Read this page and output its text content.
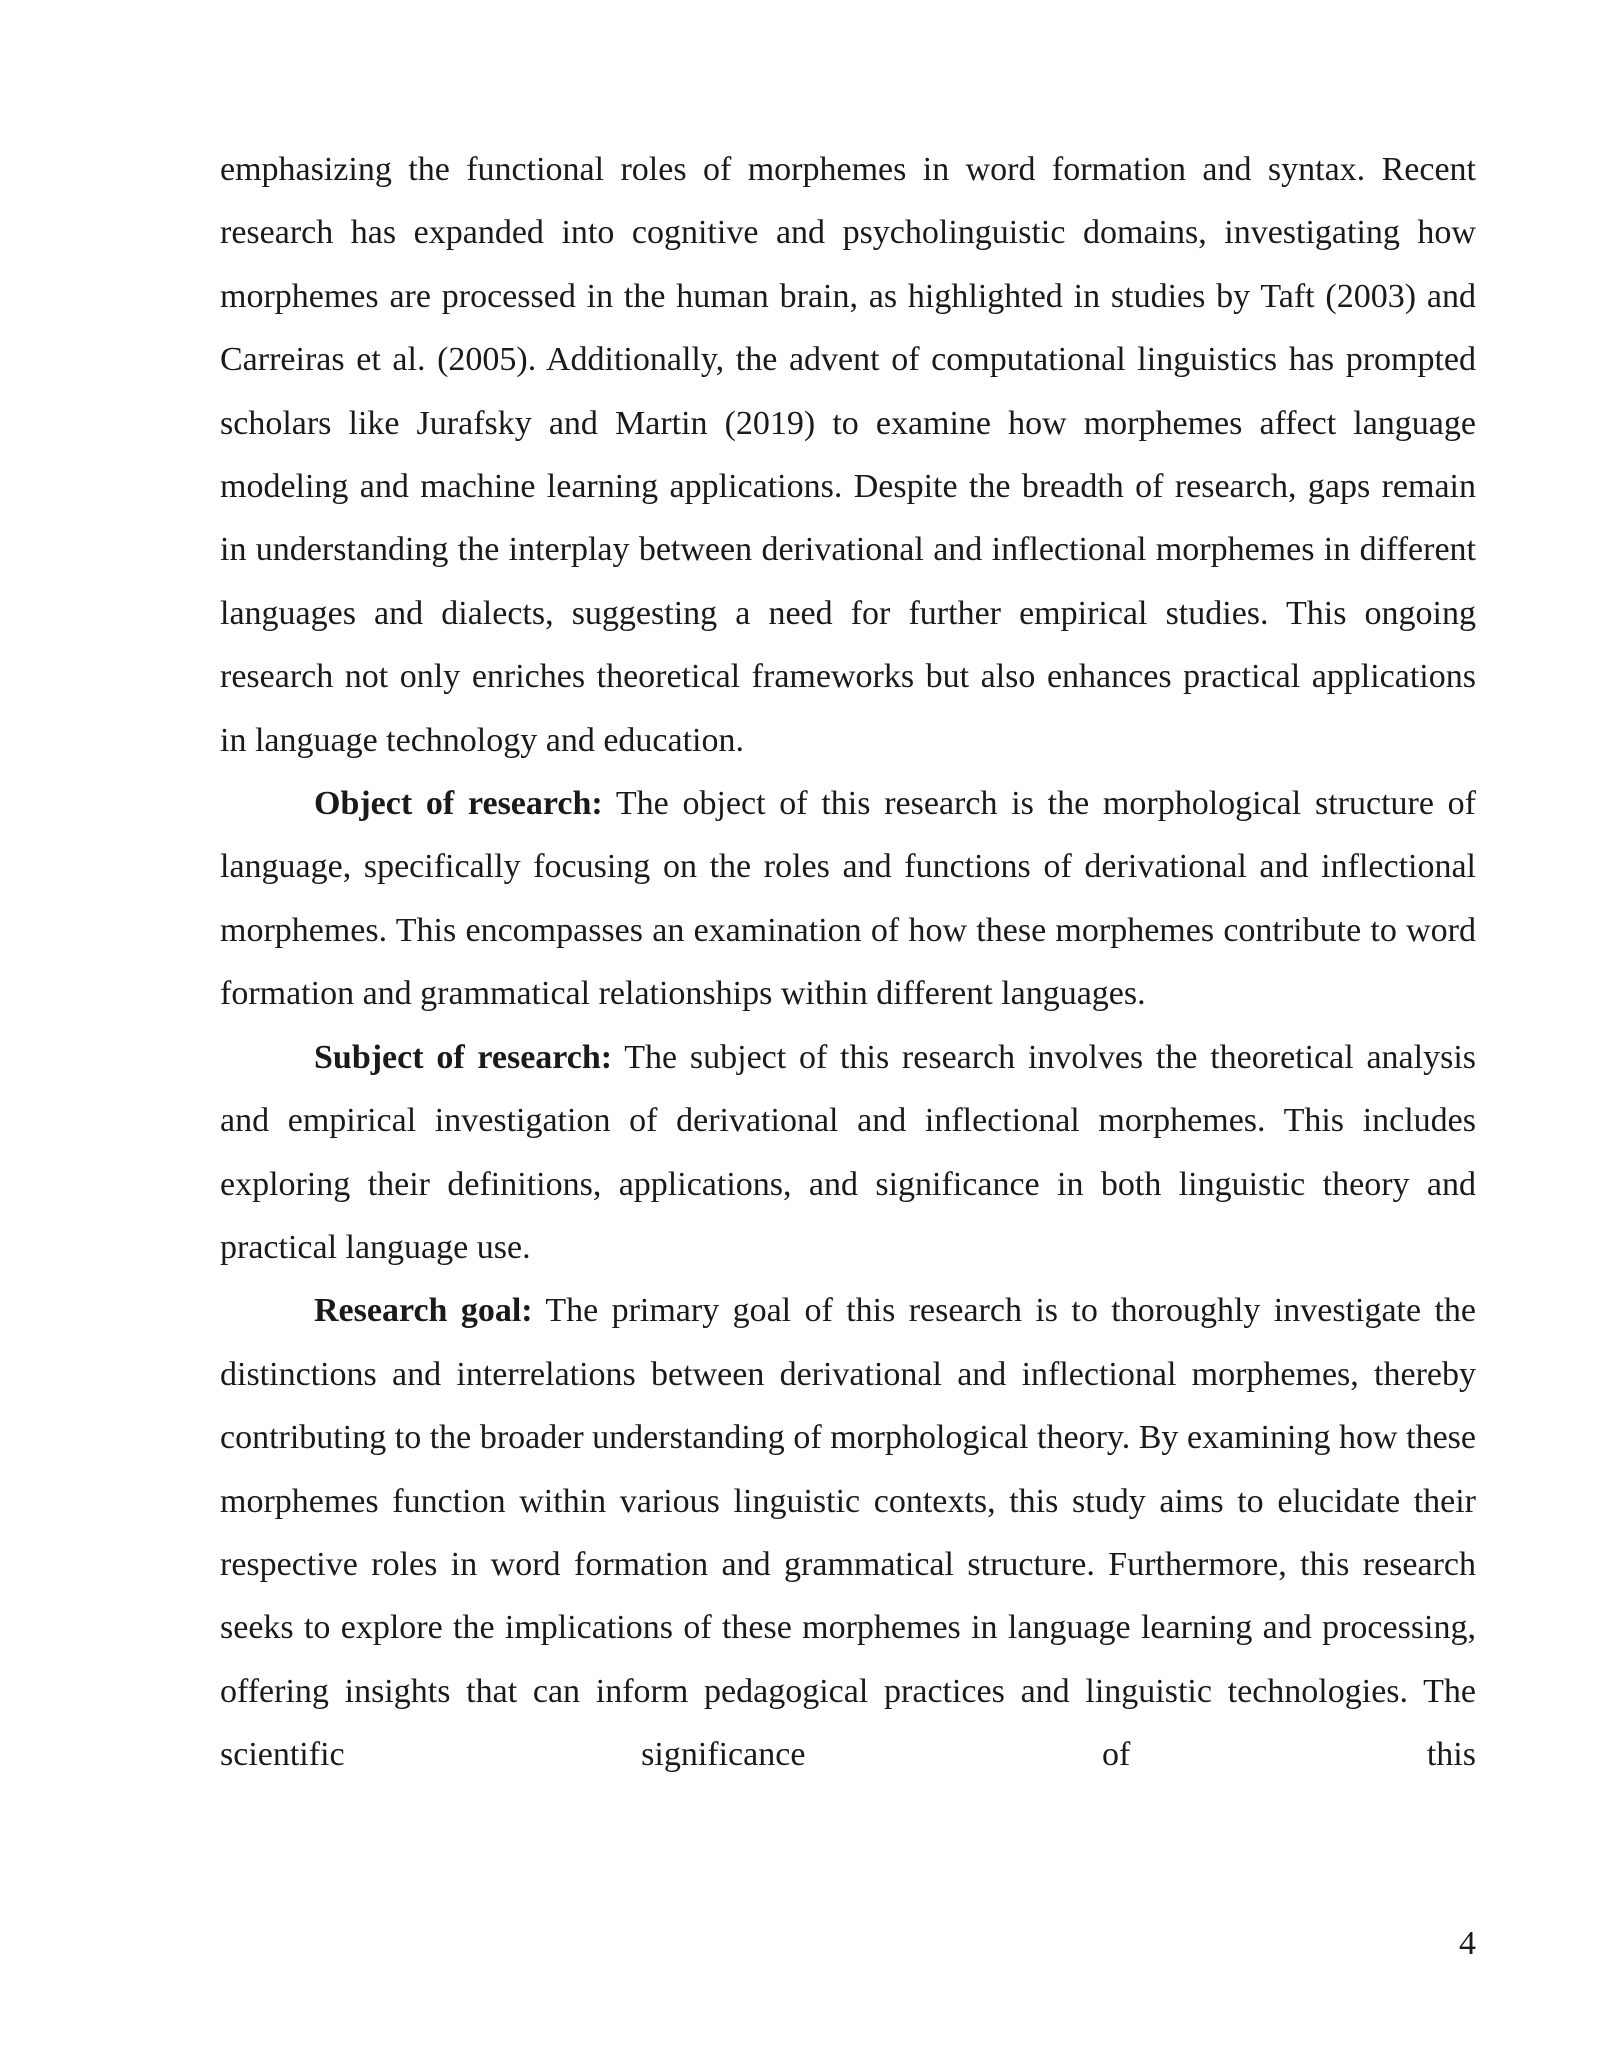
emphasizing the functional roles of morphemes in word formation and syntax. Recent research has expanded into cognitive and psycholinguistic domains, investigating how morphemes are processed in the human brain, as highlighted in studies by Taft (2003) and Carreiras et al. (2005). Additionally, the advent of computational linguistics has prompted scholars like Jurafsky and Martin (2019) to examine how morphemes affect language modeling and machine learning applications. Despite the breadth of research, gaps remain in understanding the interplay between derivational and inflectional morphemes in different languages and dialects, suggesting a need for further empirical studies. This ongoing research not only enriches theoretical frameworks but also enhances practical applications in language technology and education.

Object of research: The object of this research is the morphological structure of language, specifically focusing on the roles and functions of derivational and inflectional morphemes. This encompasses an examination of how these morphemes contribute to word formation and grammatical relationships within different languages.

Subject of research: The subject of this research involves the theoretical analysis and empirical investigation of derivational and inflectional morphemes. This includes exploring their definitions, applications, and significance in both linguistic theory and practical language use.

Research goal: The primary goal of this research is to thoroughly investigate the distinctions and interrelations between derivational and inflectional morphemes, thereby contributing to the broader understanding of morphological theory. By examining how these morphemes function within various linguistic contexts, this study aims to elucidate their respective roles in word formation and grammatical structure. Furthermore, this research seeks to explore the implications of these morphemes in language learning and processing, offering insights that can inform pedagogical practices and linguistic technologies. The scientific significance of this

4
